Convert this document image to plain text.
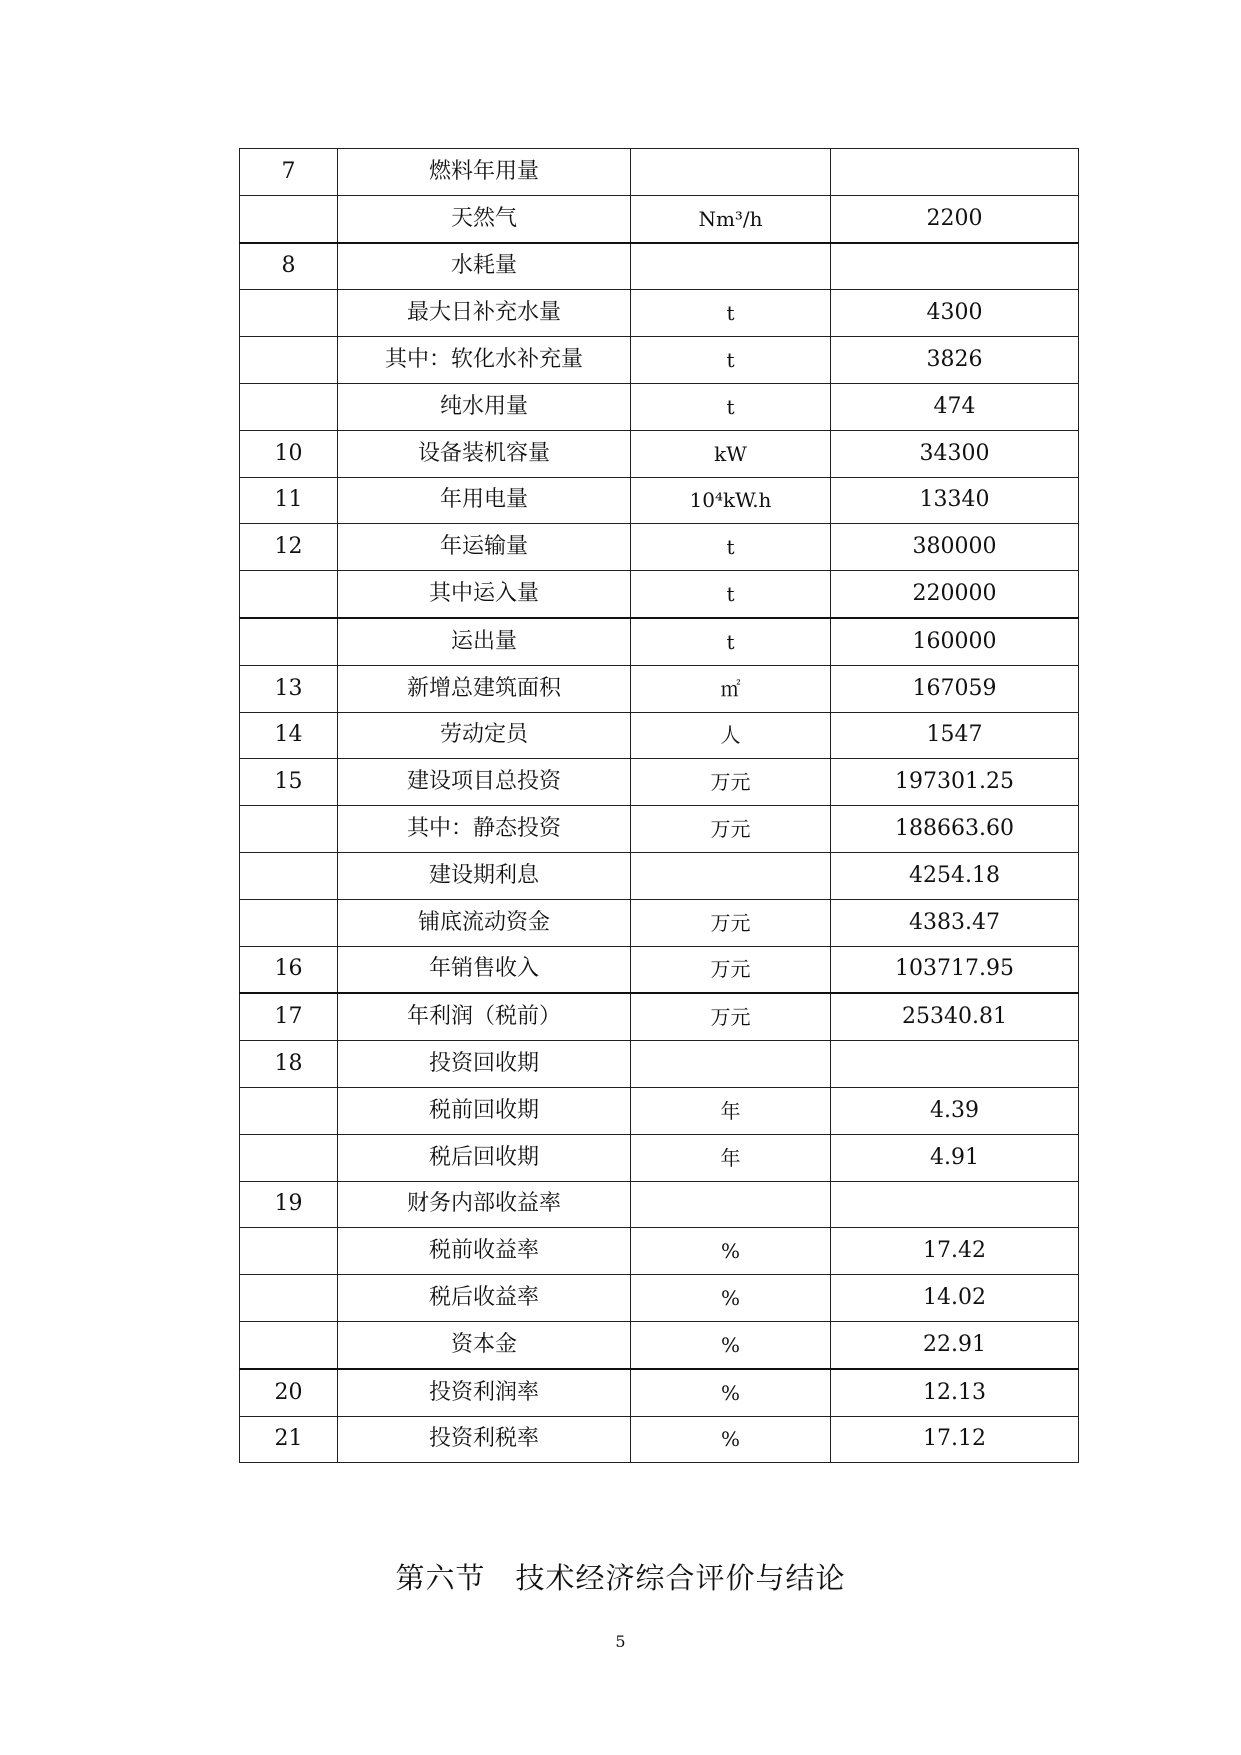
7	燃料年用量		
	天然气	Nm³/h	2200
8	水耗量		
	最大日补充水量	t	4300
	其中：软化水补充量	t	3826
	纯水用量	t	474
10	设备装机容量	kW	34300
11	年用电量	10⁴kW.h	13340
12	年运输量	t	380000
	其中运入量	t	220000
	运出量	t	160000
13	新增总建筑面积	㎡	167059
14	劳动定员	人	1547
15	建设项目总投资	万元	197301.25
	其中：静态投资	万元	188663.60
	建设期利息		4254.18
	铺底流动资金	万元	4383.47
16	年销售收入	万元	103717.95
17	年利润（税前）	万元	25340.81
18	投资回收期		
	税前回收期	年	4.39
	税后回收期	年	4.91
19	财务内部收益率		
	税前收益率	%	17.42
	税后收益率	%	14.02
	资本金	%	22.91
20	投资利润率	%	12.13
21	投资利税率	%	17.12
第六节　技术经济综合评价与结论
5
